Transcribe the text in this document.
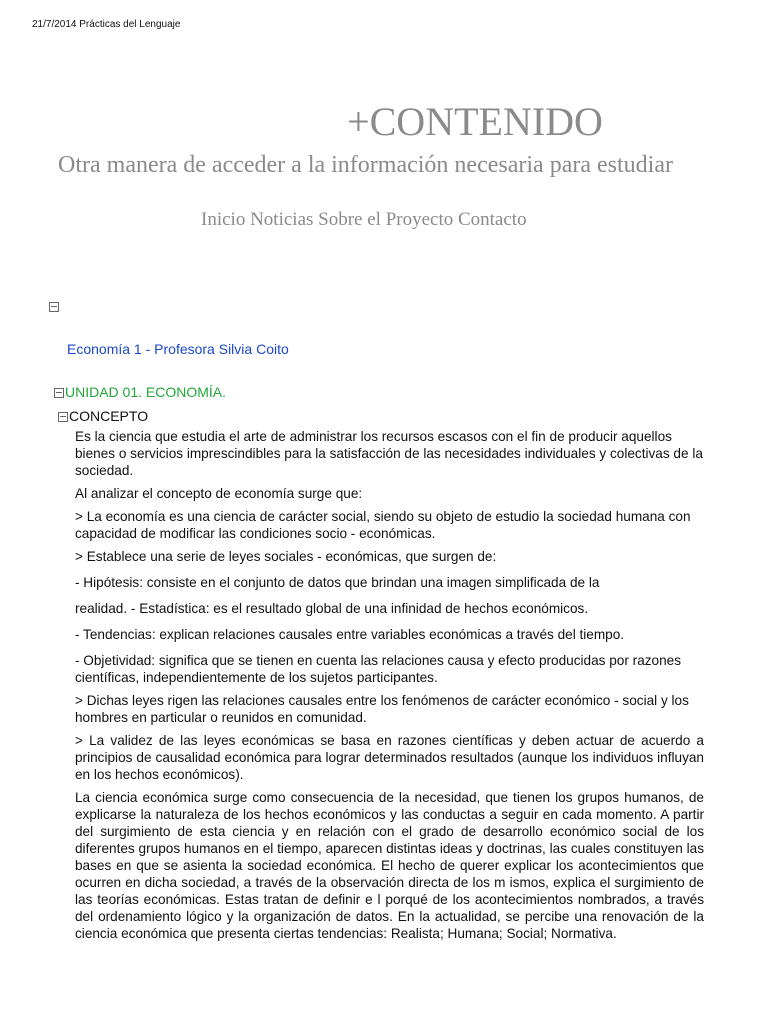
21/7/2014 Prácticas del Lenguaje
+CONTENIDO
Otra manera de acceder a la información necesaria para estudiar
Inicio Noticias Sobre el Proyecto Contacto
Economía 1 - Profesora Silvia Coito
UNIDAD 01. ECONOMÍA.
CONCEPTO

Es la ciencia que estudia el arte de administrar los recursos escasos con el fin de producir aquellos bienes o servicios imprescindibles para la satisfacción de las necesidades individuales y colectivas de la sociedad.

Al analizar el concepto de economía surge que:

> La economía es una ciencia de carácter social, siendo su objeto de estudio la sociedad humana con capacidad de modificar las condiciones socio - económicas.

> Establece una serie de leyes sociales - económicas, que surgen de:

- Hipótesis: consiste en el conjunto de datos que brindan una imagen simplificada de la

realidad. - Estadística: es el resultado global de una infinidad de hechos económicos.

- Tendencias: explican relaciones causales entre variables económicas a través del tiempo.

- Objetividad: significa que se tienen en cuenta las relaciones causa y efecto producidas por razones científicas, independientemente de los sujetos participantes.

> Dichas leyes rigen las relaciones causales entre los fenómenos de carácter económico - social y los hombres en particular o reunidos en comunidad.

> La validez de las leyes económicas se basa en razones científicas y deben actuar de acuerdo a principios de causalidad económica para lograr determinados resultados (aunque los individuos influyan en los hechos económicos).

La ciencia económica surge como consecuencia de la necesidad, que tienen los grupos humanos, de explicarse la naturaleza de los hechos económicos y las conductas a seguir en cada momento. A partir del surgimiento de esta ciencia y en relación con el grado de desarrollo económico social de los diferentes grupos humanos en el tiempo, aparecen distintas ideas y doctrinas, las cuales constituyen las bases en que se asienta la sociedad económica. El hecho de querer explicar los acontecimientos que ocurren en dicha sociedad, a través de la observación directa de los m ismos, explica el surgimiento de las teorías económicas. Estas tratan de definir e l porqué de los acontecimientos nombrados, a través del ordenamiento lógico y la organización de datos. En la actualidad, se percibe una renovación de la ciencia económica que presenta ciertas tendencias: Realista; Humana; Social; Normativa.
